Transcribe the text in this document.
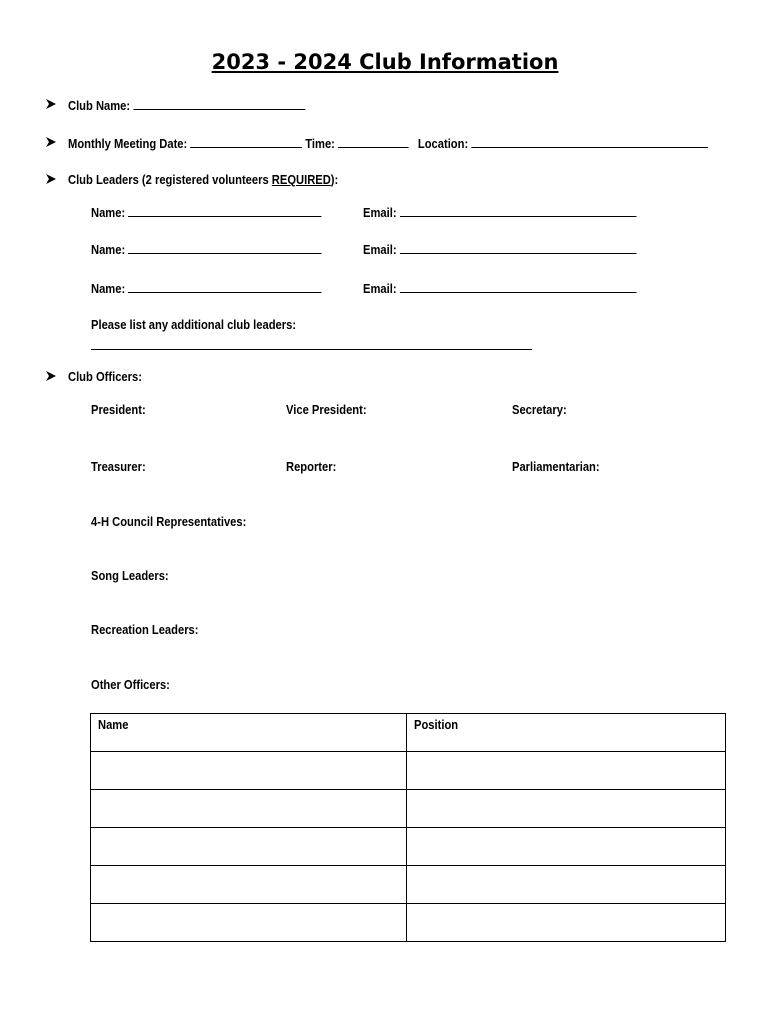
2023 - 2024 Club Information
Club Name:
Monthly Meeting Date:	Time:	Location:
Club Leaders (2 registered volunteers REQUIRED):
Name:	Email:
Name:	Email:
Name:	Email:
Please list any additional club leaders:
Club Officers:
President:	Vice President:	Secretary:
Treasurer:	Reporter:	Parliamentarian:
4-H Council Representatives:
Song Leaders:
Recreation Leaders:
Other Officers:
Name	Position
